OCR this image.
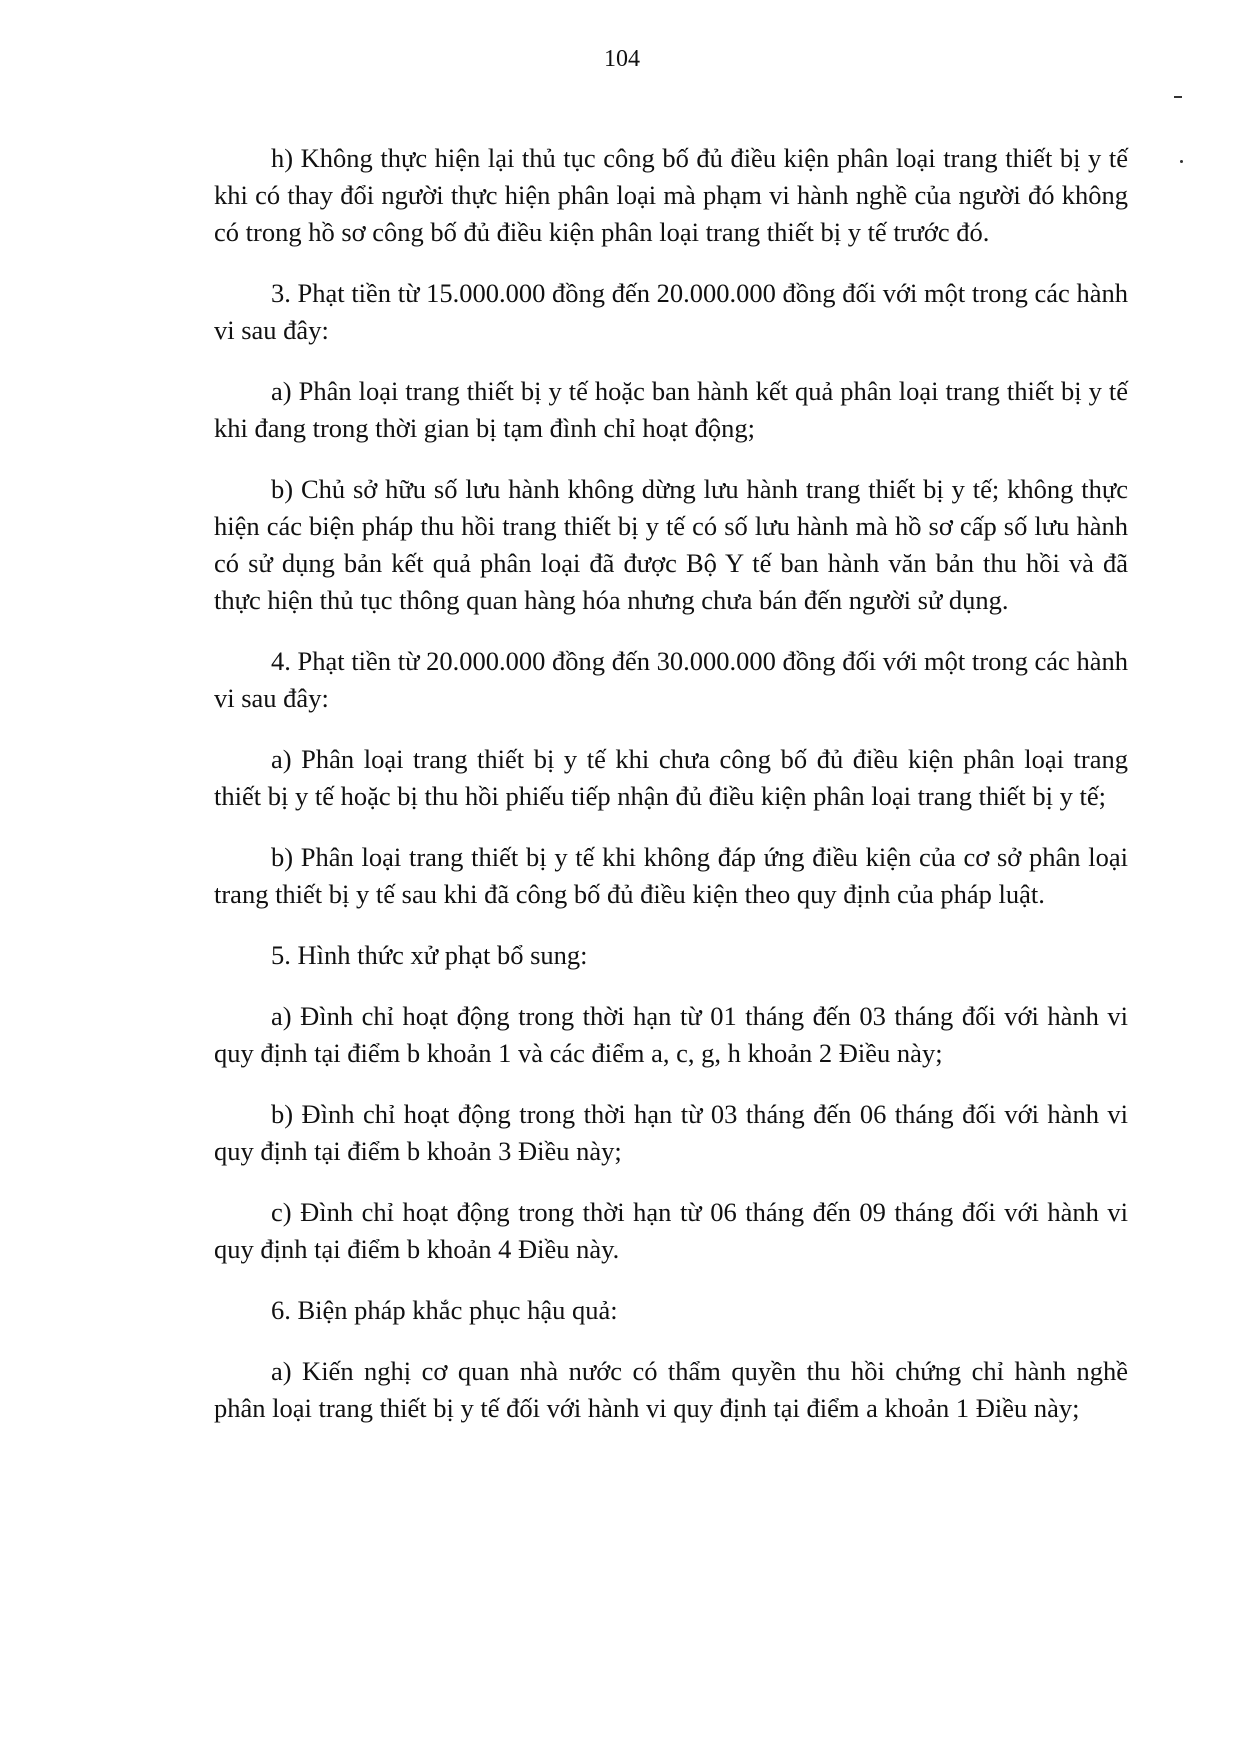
104

h) Không thực hiện lại thủ tục công bố đủ điều kiện phân loại trang thiết bị y tế khi có thay đổi người thực hiện phân loại mà phạm vi hành nghề của người đó không có trong hồ sơ công bố đủ điều kiện phân loại trang thiết bị y tế trước đó.

3. Phạt tiền từ 15.000.000 đồng đến 20.000.000 đồng đối với một trong các hành vi sau đây:

a) Phân loại trang thiết bị y tế hoặc ban hành kết quả phân loại trang thiết bị y tế khi đang trong thời gian bị tạm đình chỉ hoạt động;

b) Chủ sở hữu số lưu hành không dừng lưu hành trang thiết bị y tế; không thực hiện các biện pháp thu hồi trang thiết bị y tế có số lưu hành mà hồ sơ cấp số lưu hành có sử dụng bản kết quả phân loại đã được Bộ Y tế ban hành văn bản thu hồi và đã thực hiện thủ tục thông quan hàng hóa nhưng chưa bán đến người sử dụng.

4. Phạt tiền từ 20.000.000 đồng đến 30.000.000 đồng đối với một trong các hành vi sau đây:

a) Phân loại trang thiết bị y tế khi chưa công bố đủ điều kiện phân loại trang thiết bị y tế hoặc bị thu hồi phiếu tiếp nhận đủ điều kiện phân loại trang thiết bị y tế;

b) Phân loại trang thiết bị y tế khi không đáp ứng điều kiện của cơ sở phân loại trang thiết bị y tế sau khi đã công bố đủ điều kiện theo quy định của pháp luật.

5. Hình thức xử phạt bổ sung:

a) Đình chỉ hoạt động trong thời hạn từ 01 tháng đến 03 tháng đối với hành vi quy định tại điểm b khoản 1 và các điểm a, c, g, h khoản 2 Điều này;

b) Đình chỉ hoạt động trong thời hạn từ 03 tháng đến 06 tháng đối với hành vi quy định tại điểm b khoản 3 Điều này;

c) Đình chỉ hoạt động trong thời hạn từ 06 tháng đến 09 tháng đối với hành vi quy định tại điểm b khoản 4 Điều này.

6. Biện pháp khắc phục hậu quả:

a) Kiến nghị cơ quan nhà nước có thẩm quyền thu hồi chứng chỉ hành nghề phân loại trang thiết bị y tế đối với hành vi quy định tại điểm a khoản 1 Điều này;
